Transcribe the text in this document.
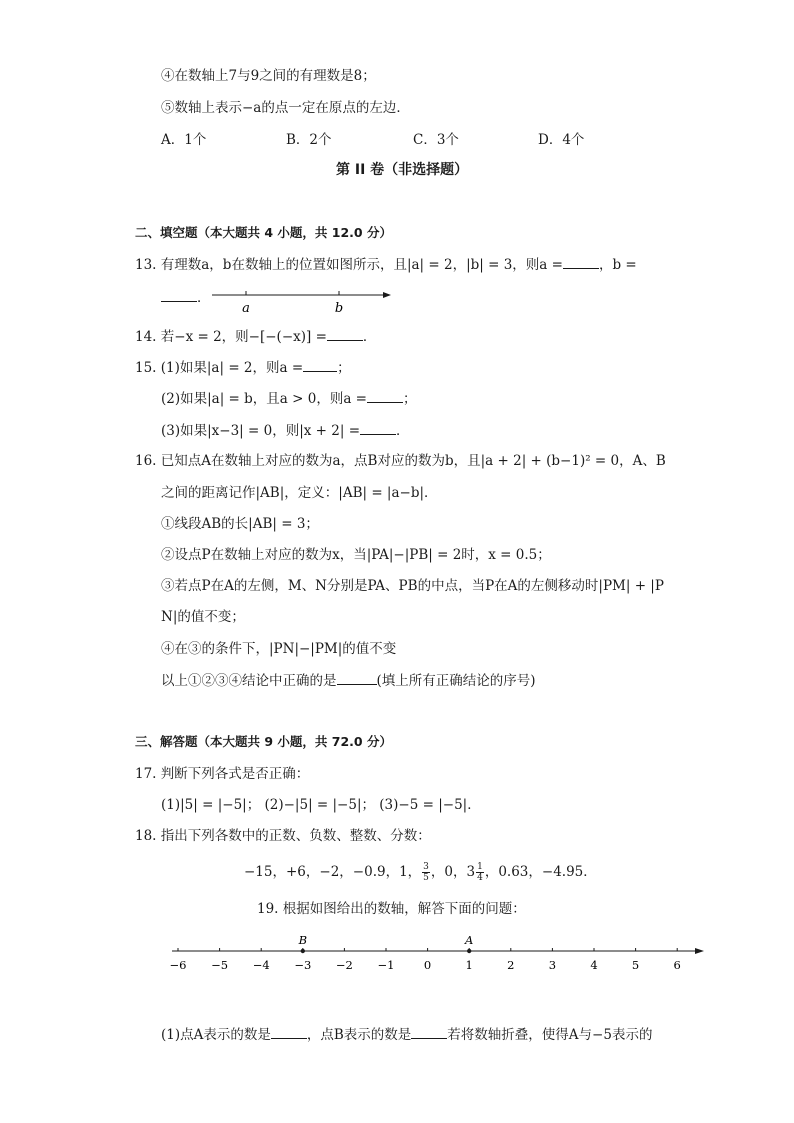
④在数轴上7与9之间的有理数是8；
⑤数轴上表示−a的点一定在原点的左边．
A．1个	B．2个	C．3个	D．4个
第 II 卷（非选择题）
二、填空题（本大题共 4 小题，共 12.0 分）
13. 有理数a，b在数轴上的位置如图所示，且|a| = 2，|b| = 3，则a =	，b =
．
a	b
14. 若−x = 2，则−[−(−x)] =	．
15. (1)如果|a| = 2，则a =	；
(2)如果|a| = b，且a > 0，则a =	；
(3)如果|x−3| = 0，则|x + 2| =	．
16. 已知点A在数轴上对应的数为a，点B对应的数为b，且|a + 2| + (b−1)² = 0，A、B
之间的距离记作|AB|，定义：|AB| = |a−b|．
①线段AB的长|AB| = 3；
②设点P在数轴上对应的数为x，当|PA|−|PB| = 2时，x = 0.5；
③若点P在A的左侧，M、N分别是PA、PB的中点，当P在A的左侧移动时|PM| + |P
N|的值不变；
④在③的条件下，|PN|−|PM|的值不变
以上①②③④结论中正确的是	(填上所有正确结论的序号)
三、解答题（本大题共 9 小题，共 72.0 分）
17. 判断下列各式是否正确：
(1)|5| = |−5|； (2)−|5| = |−5|； (3)−5 = |−5|．
18. 指出下列各数中的正数、负数、整数、分数：
−15，+6，−2，−0.9，1， $\frac{3}{5}$ ，0，$3 \frac{1}{4}$ ，0.63，−4.95．
19. 根据如图给出的数轴，解答下面的问题：
−6 −5 −4 −3 −2 −1	0	1	2	3	4	5	6
A
B
(1)点A表示的数是	，点B表示的数是	若将数轴折叠，使得A与−5表示的
